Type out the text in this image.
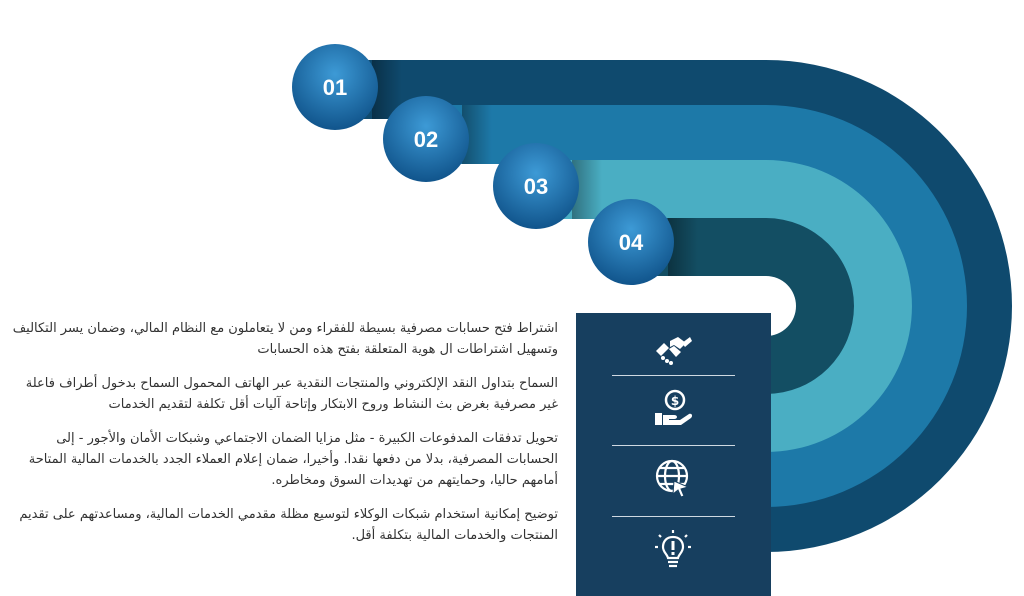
01
02
03
04
$

اشتراط فتح حسابات مصرفية بسيطة للفقراء ومن لا يتعاملون مع النظام المالي، وضمان يسر التكاليف وتسهيل اشتراطات ال هوية المتعلقة بفتح هذه الحسابات

السماح بتداول النقد الإلكتروني والمنتجات النقدية عبر الهاتف المحمول السماح بدخول أطراف فاعلة غير مصرفية بغرض بث النشاط وروح الابتكار وإتاحة آليات أقل تكلفة لتقديم الخدمات

تحويل تدفقات المدفوعات الكبيرة - مثل مزايا الضمان الاجتماعي وشبكات الأمان والأجور - إلى الحسابات المصرفية، بدلا من دفعها نقدا. وأخيرا، ضمان إعلام العملاء الجدد بالخدمات المالية المتاحة أمامهم حاليا، وحمايتهم من تهديدات السوق ومخاطره.

توضيح إمكانية استخدام شبكات الوكلاء لتوسيع مظلة مقدمي الخدمات المالية، ومساعدتهم على تقديم المنتجات والخدمات المالية بتكلفة أقل.
